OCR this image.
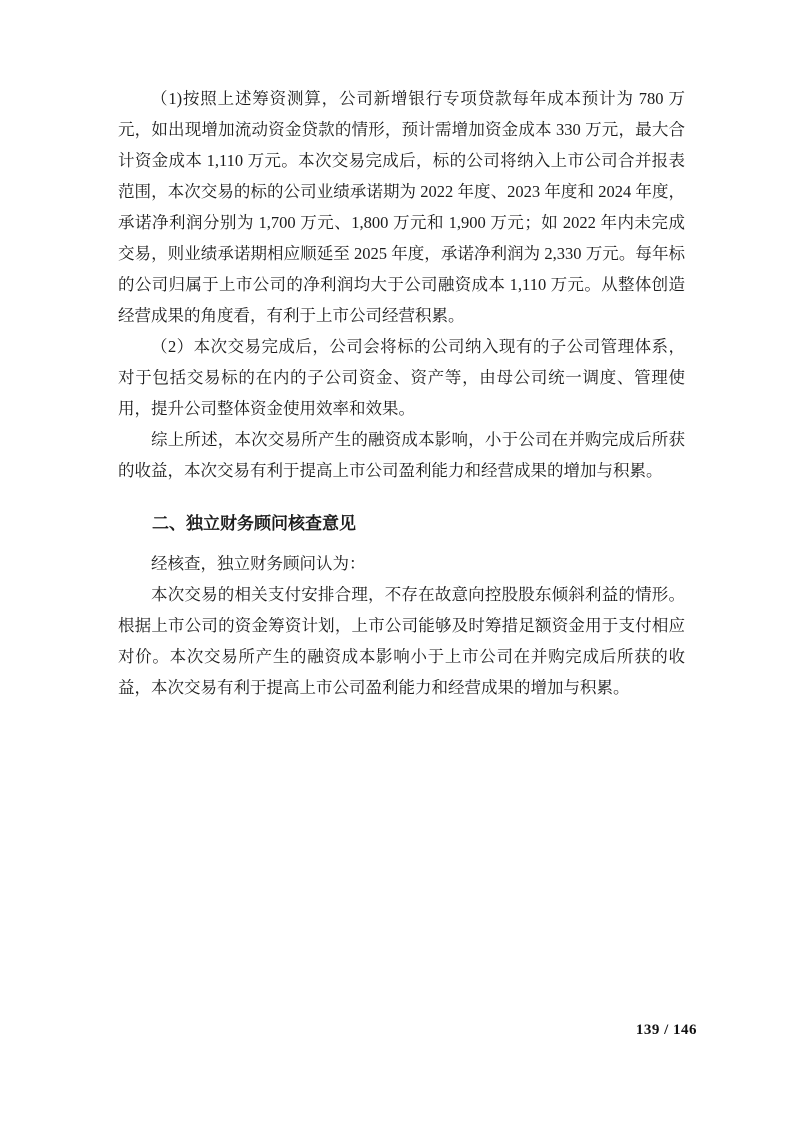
（1)按照上述筹资测算，公司新增银行专项贷款每年成本预计为 780 万元，如出现增加流动资金贷款的情形，预计需增加资金成本 330 万元，最大合计资金成本 1,110 万元。本次交易完成后，标的公司将纳入上市公司合并报表范围，本次交易的标的公司业绩承诺期为 2022 年度、2023 年度和 2024 年度，承诺净利润分别为 1,700 万元、1,800 万元和 1,900 万元；如 2022 年内未完成交易，则业绩承诺期相应顺延至 2025 年度，承诺净利润为 2,330 万元。每年标的公司归属于上市公司的净利润均大于公司融资成本 1,110 万元。从整体创造经营成果的角度看，有利于上市公司经营积累。

（2）本次交易完成后，公司会将标的公司纳入现有的子公司管理体系，对于包括交易标的在内的子公司资金、资产等，由母公司统一调度、管理使用，提升公司整体资金使用效率和效果。

综上所述，本次交易所产生的融资成本影响，小于公司在并购完成后所获的收益，本次交易有利于提高上市公司盈利能力和经营成果的增加与积累。

二、独立财务顾问核查意见

经核查，独立财务顾问认为：

本次交易的相关支付安排合理，不存在故意向控股股东倾斜利益的情形。根据上市公司的资金筹资计划，上市公司能够及时筹措足额资金用于支付相应对价。本次交易所产生的融资成本影响小于上市公司在并购完成后所获的收益，本次交易有利于提高上市公司盈利能力和经营成果的增加与积累。

139 / 146
